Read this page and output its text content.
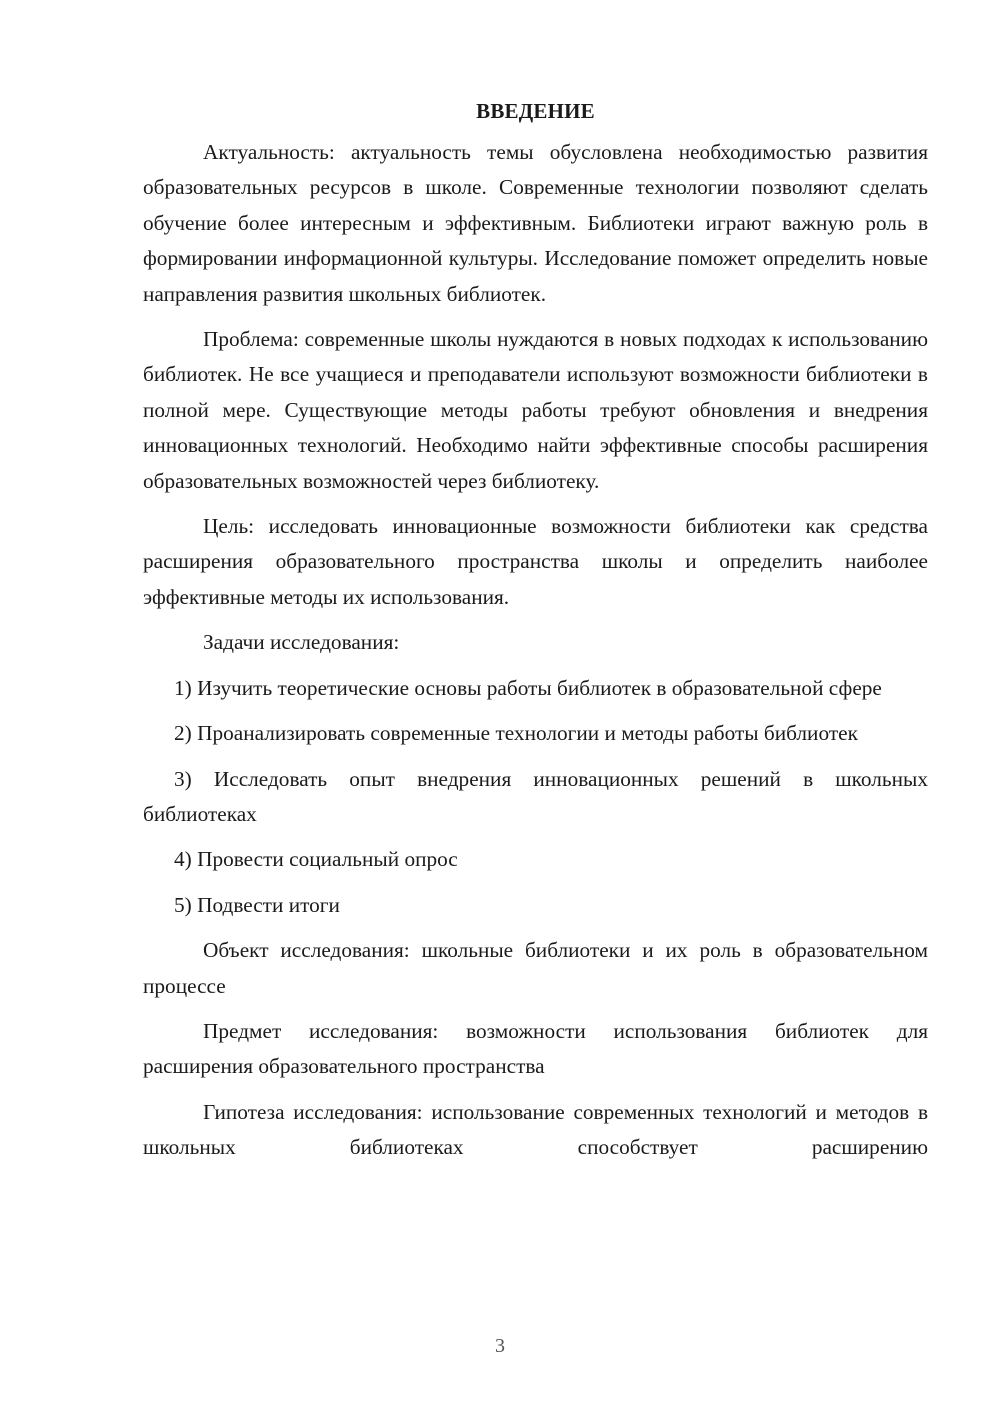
ВВЕДЕНИЕ

Актуальность: актуальность темы обусловлена необходимостью развития образовательных ресурсов в школе. Современные технологии позволяют сделать обучение более интересным и эффективным. Библиотеки играют важную роль в формировании информационной культуры. Исследование поможет определить новые направления развития школьных библиотек.

Проблема: современные школы нуждаются в новых подходах к использованию библиотек. Не все учащиеся и преподаватели используют возможности библиотеки в полной мере. Существующие методы работы требуют обновления и внедрения инновационных технологий. Необходимо найти эффективные способы расширения образовательных возможностей через библиотеку.

Цель: исследовать инновационные возможности библиотеки как средства расширения образовательного пространства школы и определить наиболее эффективные методы их использования.

Задачи исследования:

1) Изучить теоретические основы работы библиотек в образовательной сфере

2) Проанализировать современные технологии и методы работы библиотек

3) Исследовать опыт внедрения инновационных решений в школьных библиотеках

4) Провести социальный опрос

5) Подвести итоги

Объект исследования: школьные библиотеки и их роль в образовательном процессе

Предмет исследования: возможности использования библиотек для расширения образовательного пространства

Гипотеза исследования: использование современных технологий и методов в школьных библиотеках способствует расширению

3
